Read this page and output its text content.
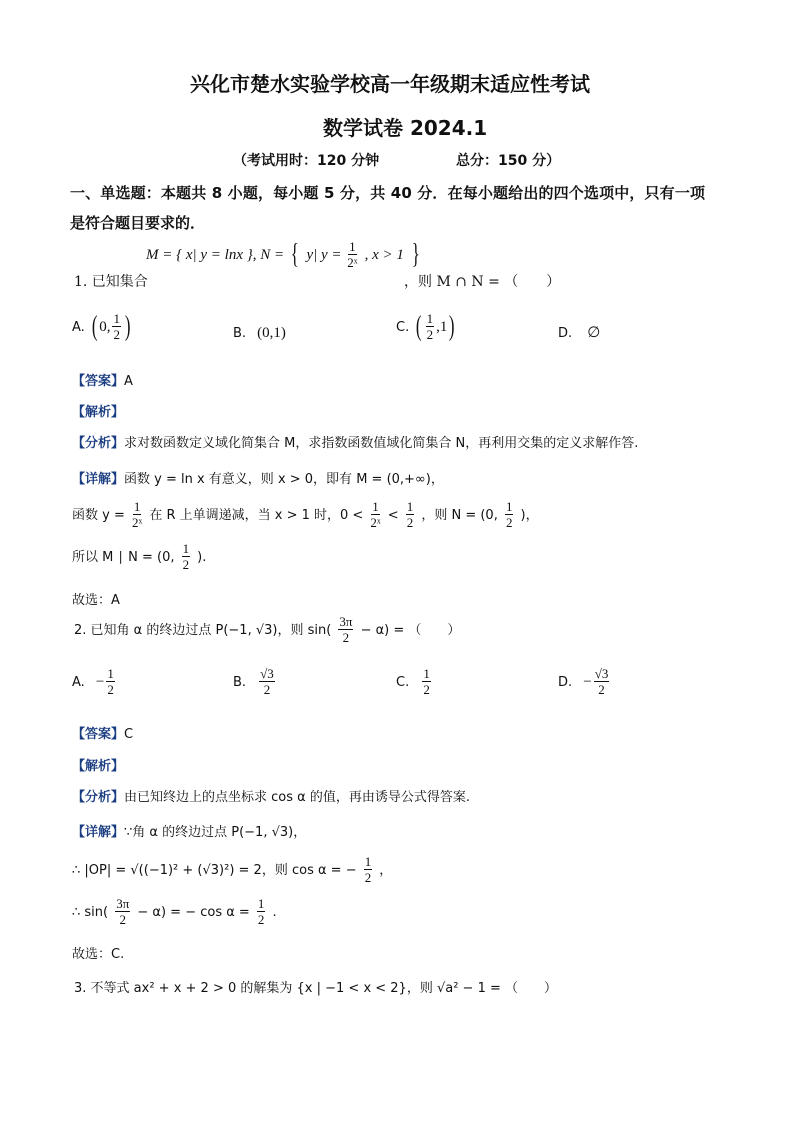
兴化市楚水实验学校高一年级期末适应性考试
数学试卷 2024.1
（考试用时：120 分钟	总分：150 分）
一、单选题：本题共 8 小题，每小题 5 分，共 40 分．在每小题给出的四个选项中，只有一项
是符合题目要求的．
M = { x| y = lnx }, N = { y| $y = \frac{1}{\text{2ˣ}}$ , x > 1 }
1. 已知集合	，则 M ∩ N = （　　）
A. ( 0, $\frac{1}{2}$ )	B. (0,1)	C. ( $\frac{1}{2} ,1$)	D. ∅
【答案】A
【解析】
【分析】求对数函数定义域化简集合 M，求指数函数值域化简集合 N，再利用交集的定义求解作答.
【详解】函数 y = ln x 有意义，则 x > 0，即有 M = (0,+∞)，
函数 $y = \frac{1}{\text{2ˣ}}$ 在 R 上单调递减，当 x > 1 时，$0 < \frac{1}{\text{2ˣ}} < \frac{1}{2}$ ，则 N = (0, $\frac{1}{2}$ )，
所以 M ∣ N = (0, $\frac{1}{2}$ ).
故选：A
2. 已知角 α 的终边过点 P(−1, √3)，则 $\sin( \frac{3\pi}{2} - \alpha)$ = （　　）
A. − $\frac{1}{2}$	B. $\frac{√3}{2}$	C. $\frac{1}{2}$	D. − $\frac{√3}{2}$
【答案】C
【解析】
【分析】由已知终边上的点坐标求 cos α 的值，再由诱导公式得答案.
【详解】∵角 α 的终边过点 P(−1, √3)，
∴ |OP| = √((−1)² + (√3)²) = 2，则 cos α = − $\frac{1}{2}$ ，
∴ $\sin( \frac{3\pi}{2} - \alpha)$ = − $\cos \alpha = \frac{1}{2}$ .
故选：C.
3. 不等式 ax² + x + 2 > 0 的解集为 {x | −1 < x < 2}，则 √a² − 1 = （　　）
